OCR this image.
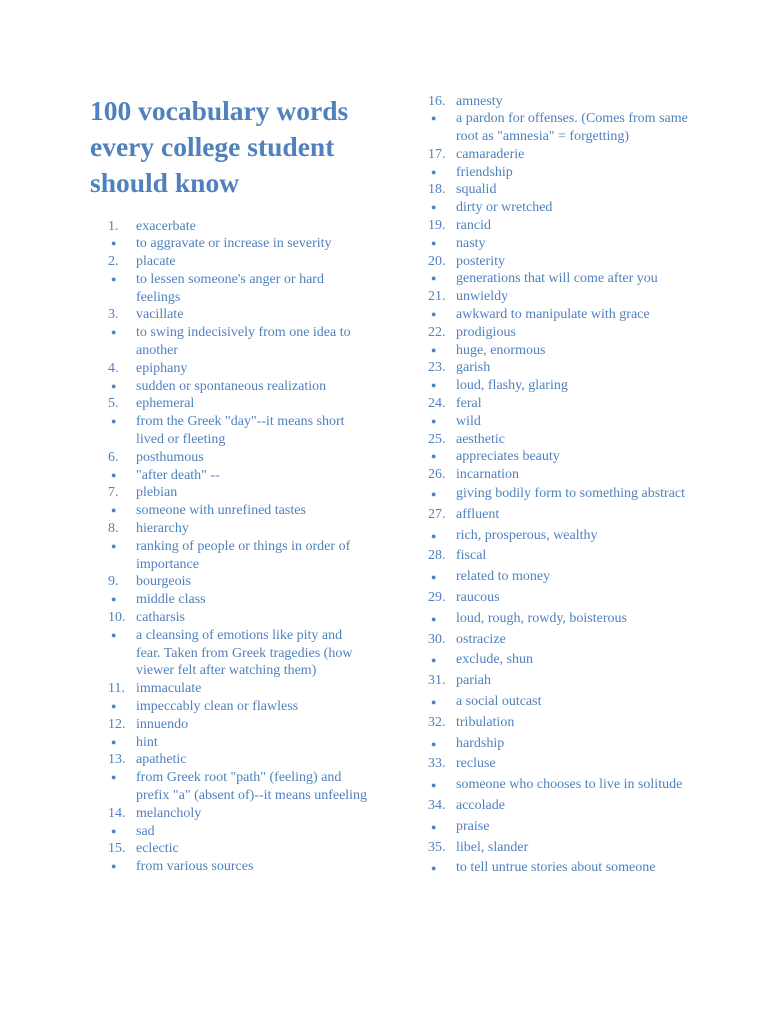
100 vocabulary words every college student should know
1. exacerbate
● to aggravate or increase in severity
2. placate
● to lessen someone's anger or hard feelings
3. vacillate
● to swing indecisively from one idea to another
4. epiphany
● sudden or spontaneous realization
5. ephemeral
● from the Greek "day"--it means short lived or fleeting
6. posthumous
● "after death" --
7. plebian
● someone with unrefined tastes
8. hierarchy
● ranking of people or things in order of importance
9. bourgeois
● middle class
10. catharsis
● a cleansing of emotions like pity and fear. Taken from Greek tragedies (how viewer felt after watching them)
11. immaculate
● impeccably clean or flawless
12. innuendo
● hint
13. apathetic
● from Greek root "path" (feeling) and prefix "a" (absent of)--it means unfeeling
14. melancholy
● sad
15. eclectic
● from various sources
16. amnesty
● a pardon for offenses. (Comes from same root as "amnesia" = forgetting)
17. camaraderie
● friendship
18. squalid
● dirty or wretched
19. rancid
● nasty
20. posterity
● generations that will come after you
21. unwieldy
● awkward to manipulate with grace
22. prodigious
● huge, enormous
23. garish
● loud, flashy, glaring
24. feral
● wild
25. aesthetic
● appreciates beauty
26. incarnation
● giving bodily form to something abstract
27. affluent
● rich, prosperous, wealthy
28. fiscal
● related to money
29. raucous
● loud, rough, rowdy, boisterous
30. ostracize
● exclude, shun
31. pariah
● a social outcast
32. tribulation
● hardship
33. recluse
● someone who chooses to live in solitude
34. accolade
● praise
35. libel, slander
● to tell untrue stories about someone
